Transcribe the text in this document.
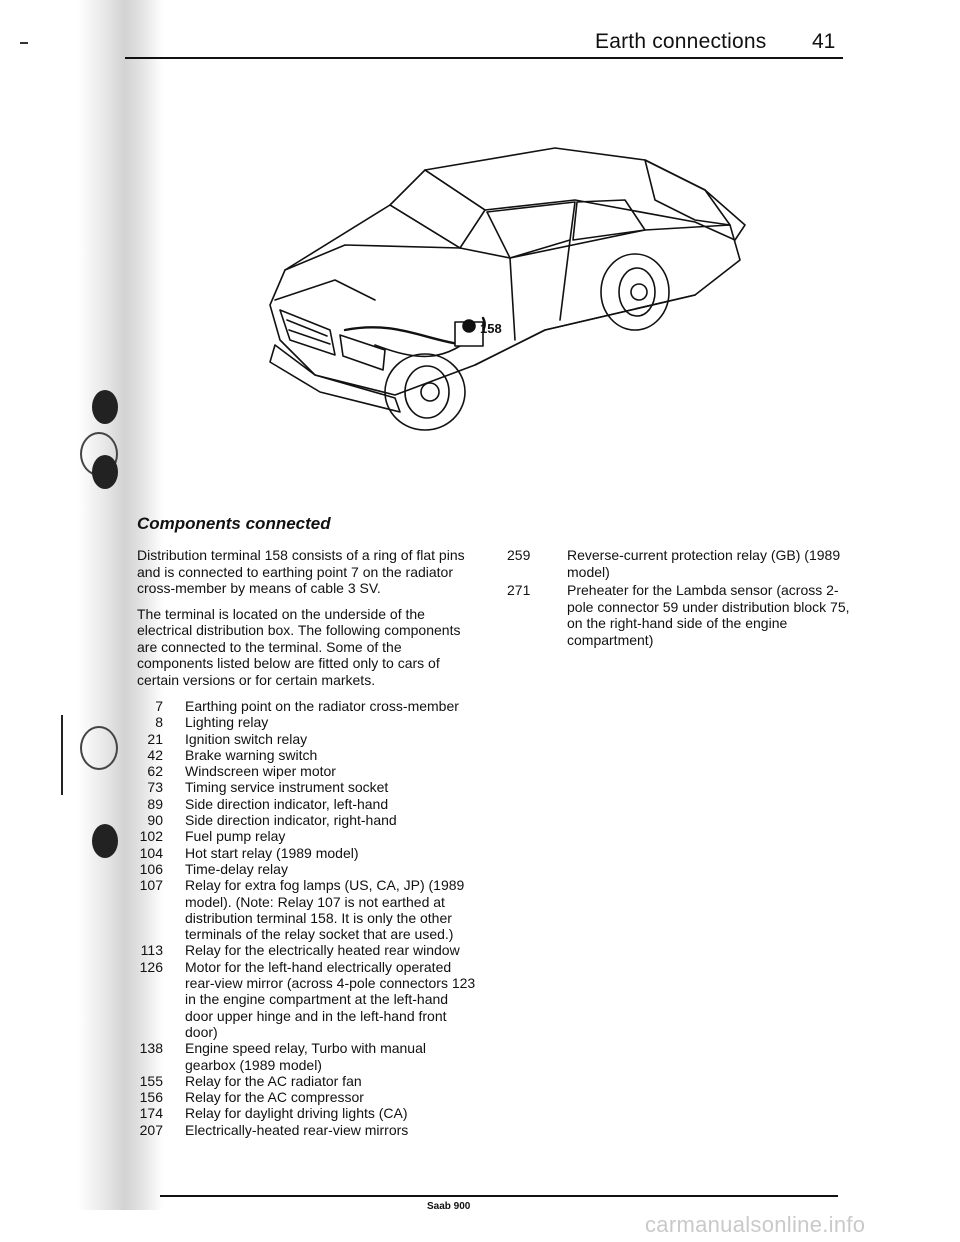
Earth connections 41
158
Components connected

Distribution terminal 158 consists of a ring of flat pins and is connected to earthing point 7 on the radiator cross-member by means of cable 3 SV.

The terminal is located on the underside of the electrical distribution box. The following components are connected to the terminal. Some of the components listed below are fitted only to cars of certain versions or for certain markets.

7 Earthing point on the radiator cross-member
8 Lighting relay
21 Ignition switch relay
42 Brake warning switch
62 Windscreen wiper motor
73 Timing service instrument socket
89 Side direction indicator, left-hand
90 Side direction indicator, right-hand
102 Fuel pump relay
104 Hot start relay (1989 model)
106 Time-delay relay
107 Relay for extra fog lamps (US, CA, JP) (1989 model). (Note: Relay 107 is not earthed at distribution terminal 158. It is only the other terminals of the relay socket that are used.)
113 Relay for the electrically heated rear window
126 Motor for the left-hand electrically operated rear-view mirror (across 4-pole connectors 123 in the engine compartment at the left-hand door upper hinge and in the left-hand front door)
138 Engine speed relay, Turbo with manual gearbox (1989 model)
155 Relay for the AC radiator fan
156 Relay for the AC compressor
174 Relay for daylight driving lights (CA)
207 Electrically-heated rear-view mirrors
259	Reverse-current protection relay (GB) (1989 model)
271	Preheater for the Lambda sensor (across 2-pole connector 59 under distribution block 75, on the right-hand side of the engine compartment)
Saab 900
carmanualsonline.info
